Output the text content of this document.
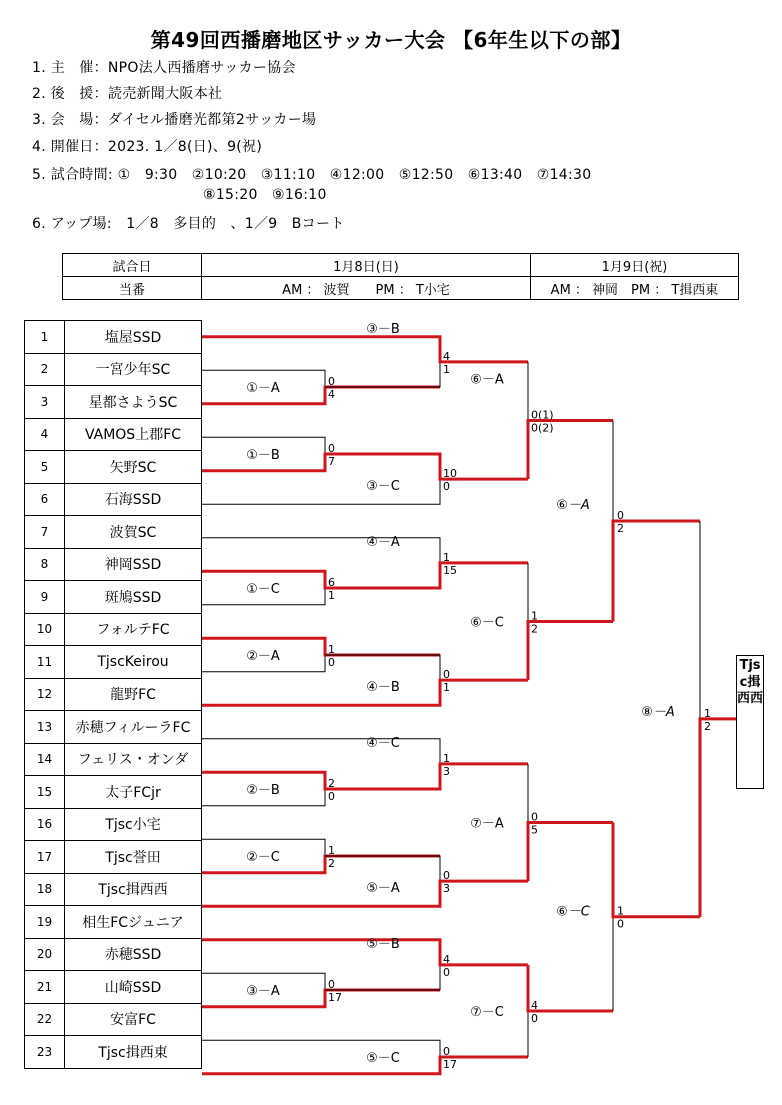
第49回西播磨地区サッカー大会 【6年生以下の部】
1. 主　催：NPO法人西播磨サッカー協会
2. 後　援：読売新聞大阪本社
3. 会　場：ダイセル播磨光都第2サッカー場
4. 開催日：2023. 1／8(日)、9(祝)
5. 試合時間: ①　9:30　②10:20　③11:10　④12:00　⑤12:50　⑥13:40　⑦14:30
⑧15:20　⑨16:10
6. アップ場:　1／8　多目的　、1／9　Bコート
試合日	1月8日(日)	1月9日(祝)
当番	AM ： 波賀　　PM ： T小宅	AM ： 神岡　PM ： T揖西東
1	塩屋SSD
2	一宮少年SC
3	星都さようSC
4	VAMOS上郡FC
5	矢野SC
6	石海SSD
7	波賀SC
8	神岡SSD
9	斑鳩SSD
10	フォルテFC
11	TjscKeirou
12	龍野FC
13	赤穂フィルーラFC
14	フェリス・オンダ
15	太子FCjr
16	Tjsc小宅
17	Tjsc誉田
18	Tjsc揖西西
19	相生FCジュニア
20	赤穂SSD
21	山崎SSD
22	安富FC
23	Tjsc揖西東
①－A	0
4
①－B	0
7
①－C	6
1
②－A	1
0
②－B	2
0
②－C	1
2
③－A	0
17
③－B
4
1
③－C
10
0
④－A
1
15
④－B
0
1
④－C
1
3
⑤－A
0
3
⑤－B
4
0
⑤－C	0
17
⑥－A
0(1)
0(2)
⑥－C 1
2
⑦－A 0
5
⑦－C 4
0
⑥－A
0
2
⑥－C 1
0
⑧－A	1
2
Tjsc揖西西
